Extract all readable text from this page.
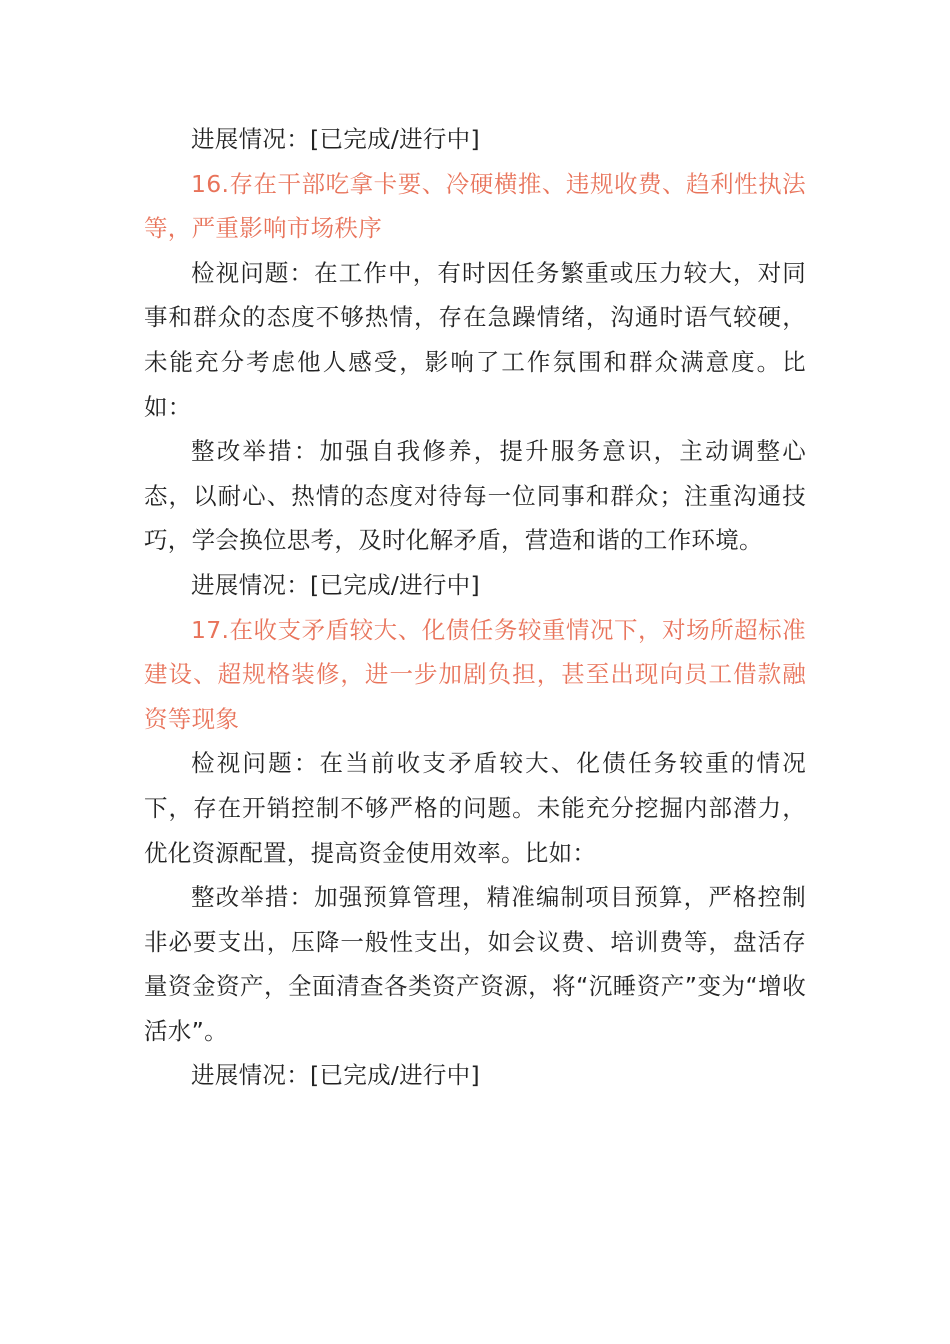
进展情况：[已完成/进行中]

16.存在干部吃拿卡要、冷硬横推、违规收费、趋利性执法等，严重影响市场秩序

检视问题：在工作中，有时因任务繁重或压力较大，对同事和群众的态度不够热情，存在急躁情绪，沟通时语气较硬，未能充分考虑他人感受，影响了工作氛围和群众满意度。比如：

整改举措：加强自我修养，提升服务意识，主动调整心态，以耐心、热情的态度对待每一位同事和群众；注重沟通技巧，学会换位思考，及时化解矛盾，营造和谐的工作环境。

进展情况：[已完成/进行中]

17.在收支矛盾较大、化债任务较重情况下，对场所超标准建设、超规格装修，进一步加剧负担，甚至出现向员工借款融资等现象

检视问题：在当前收支矛盾较大、化债任务较重的情况下，存在开销控制不够严格的问题。未能充分挖掘内部潜力，优化资源配置，提高资金使用效率。比如：

整改举措：加强预算管理，精准编制项目预算，严格控制非必要支出，压降一般性支出，如会议费、培训费等，盘活存量资金资产，全面清查各类资产资源，将“沉睡资产”变为“增收活水”。

进展情况：[已完成/进行中]
